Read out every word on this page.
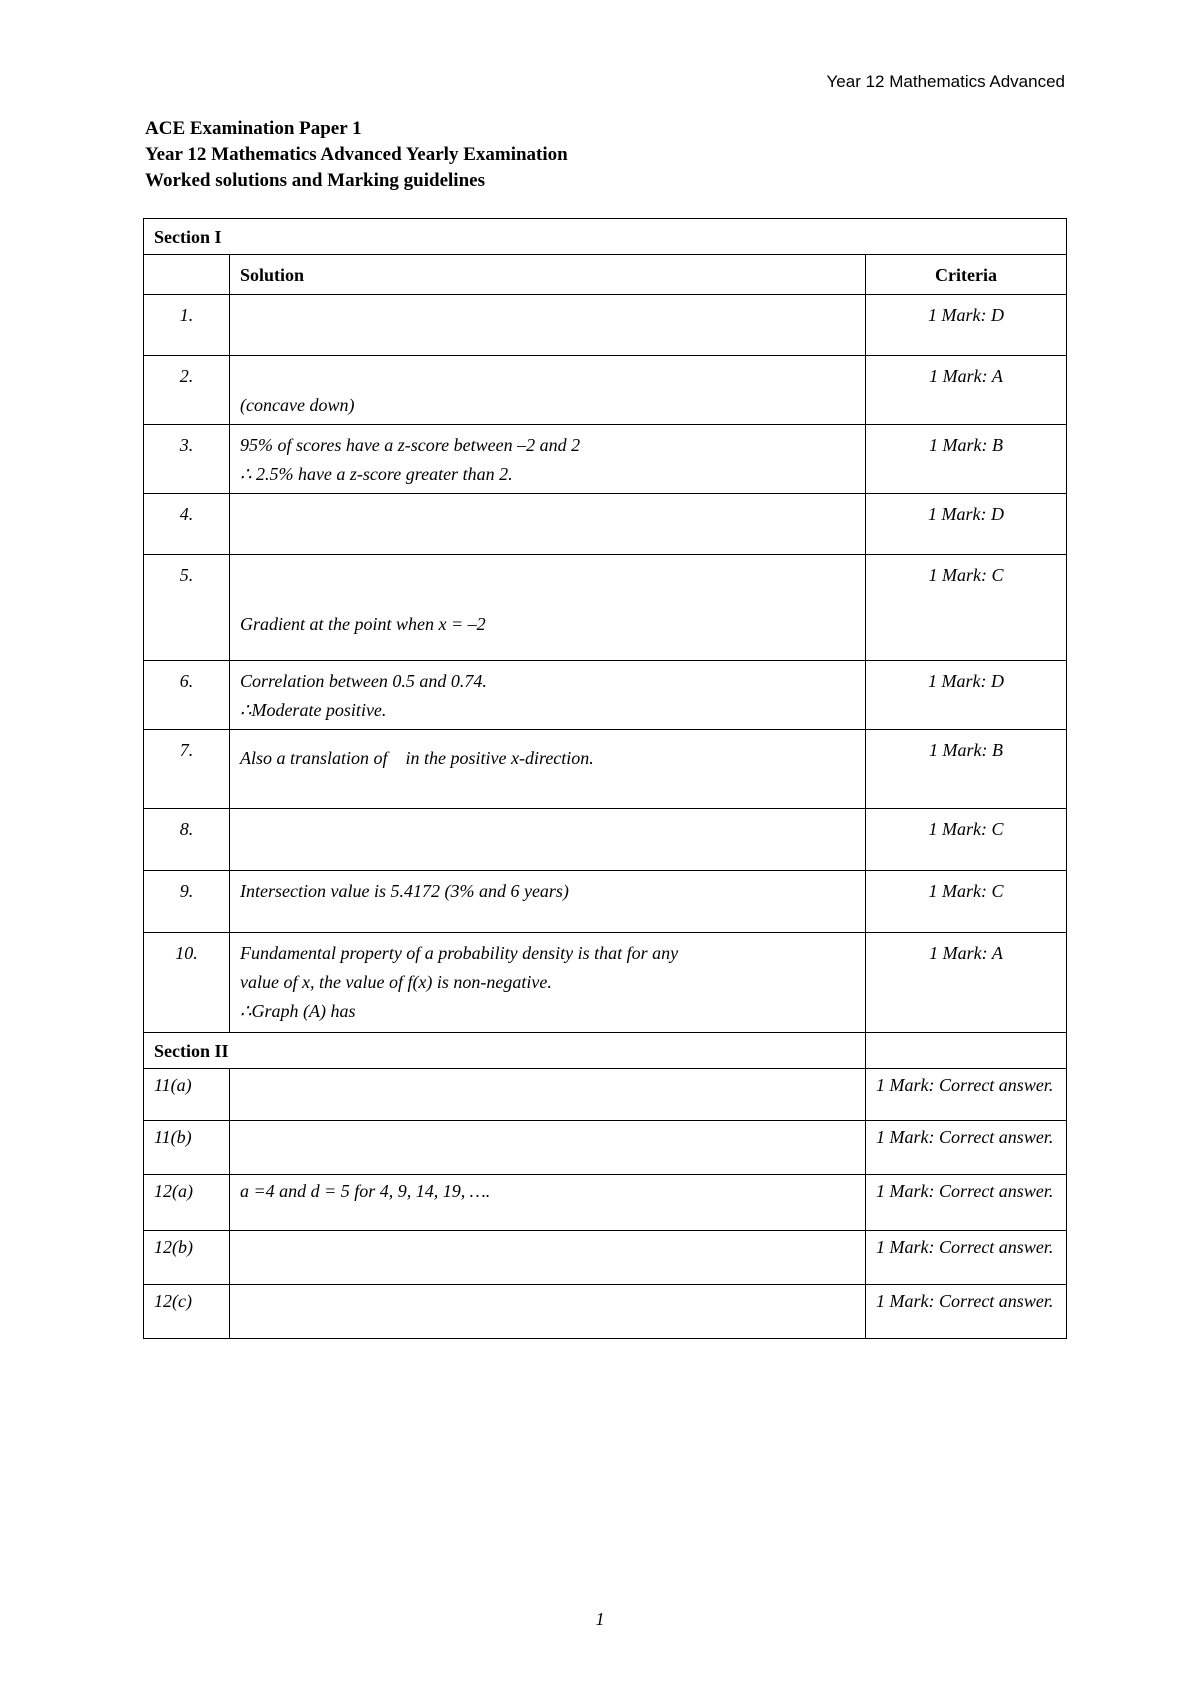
Year 12 Mathematics Advanced
ACE Examination Paper 1
Year 12 Mathematics Advanced Yearly Examination
Worked solutions and Marking guidelines
Section I		
	Solution	Criteria
1.		1 Mark: D
2.	(concave down)	1 Mark: A
3.	95% of scores have a z-score between –2 and 2
∴ 2.5% have a z-score greater than 2.	1 Mark: B
4.		1 Mark: D
5.	Gradient at the point when x = –2	1 Mark: C
6.	Correlation between 0.5 and 0.74.
∴Moderate positive.	1 Mark: D
7.	Also a translation of in the positive x-direction.	1 Mark: B
8.		1 Mark: C
9.	Intersection value is 5.4172 (3% and 6 years)	1 Mark: C
10.	Fundamental property of a probability density is that for any
value of x, the value of f(x) is non-negative.
∴Graph (A) has	1 Mark: A
Section II		
11(a)		1 Mark: Correct answer.
11(b)		1 Mark: Correct answer.
12(a)	a =4 and d = 5 for 4, 9, 14, 19, ….	1 Mark: Correct answer.
12(b)		1 Mark: Correct answer.
12(c)		1 Mark: Correct answer.
1
